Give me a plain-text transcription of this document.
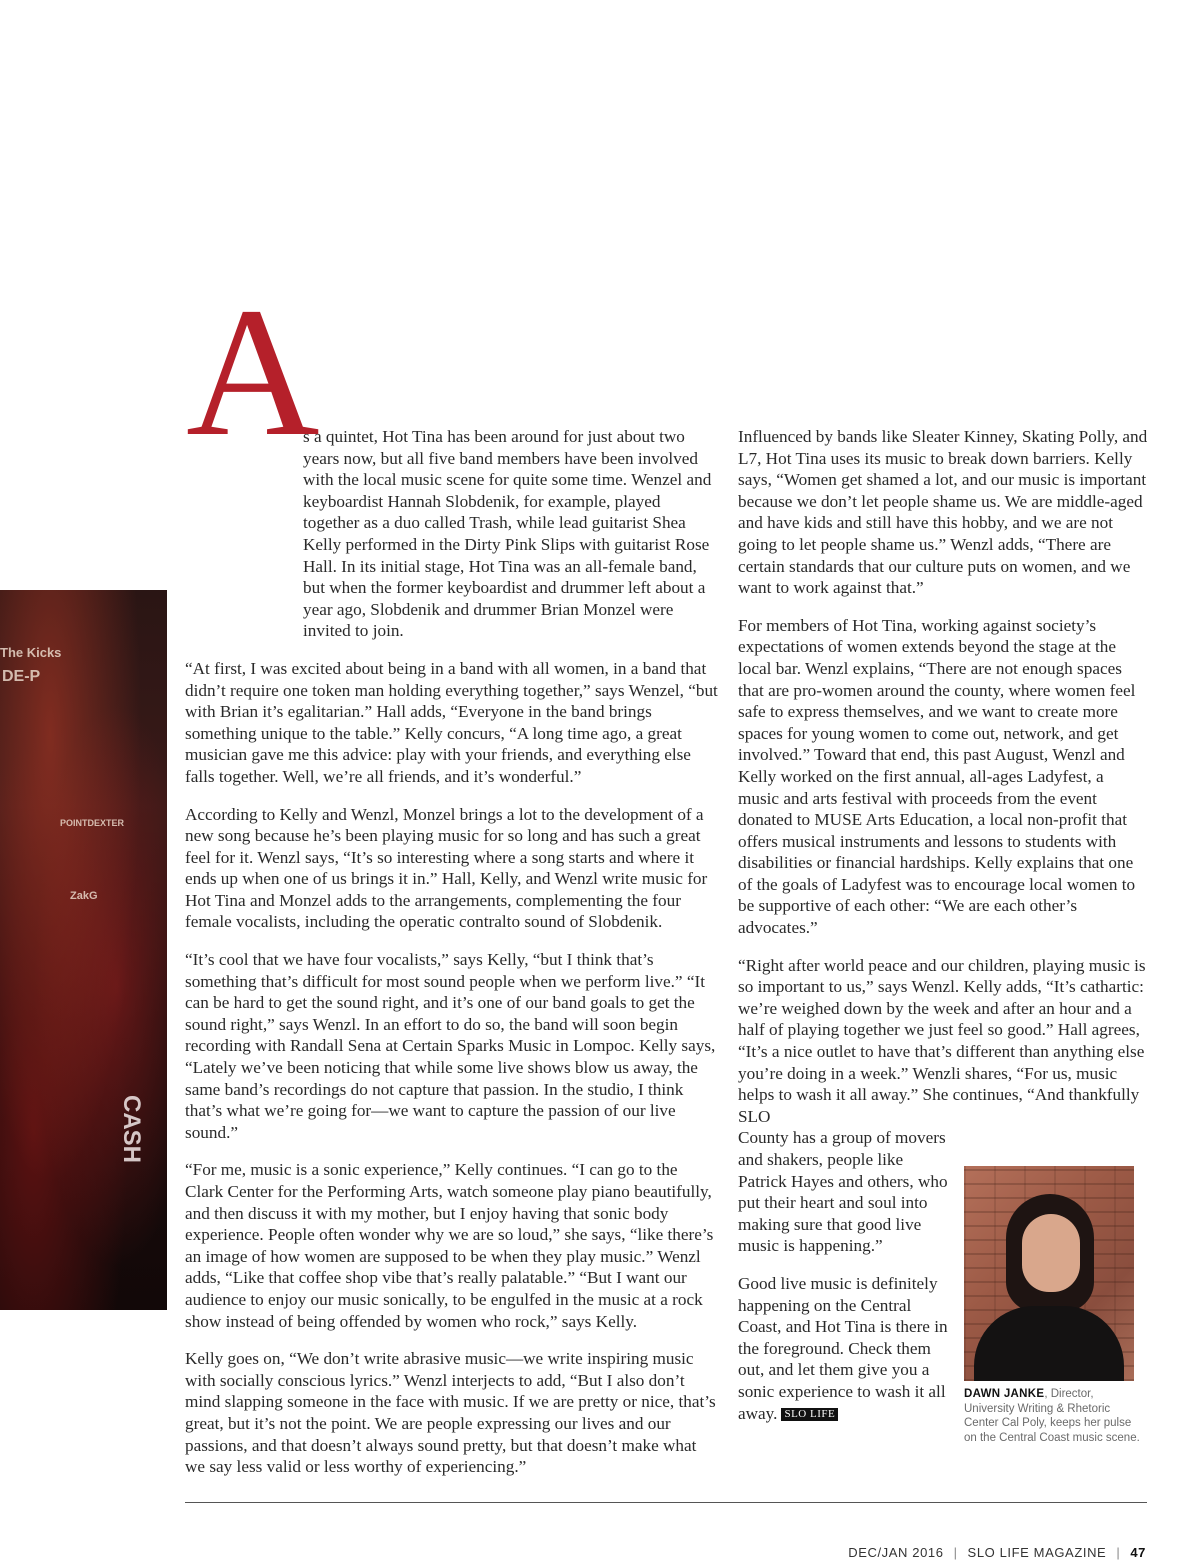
The Kicks
DE-P
POINTDEXTER
ZakG
CASH
A

s a quintet, Hot Tina has been around for just about two years now, but all five band members have been involved with the local music scene for quite some time. Wenzel and keyboardist Hannah Slobdenik, for example, played together as a duo called Trash, while lead guitarist Shea Kelly performed in the Dirty Pink Slips with guitarist Rose Hall. In its initial stage, Hot Tina was an all-female band, but when the former keyboardist and drummer left about a year ago, Slobdenik and drummer Brian Monzel were invited to join.

“At first, I was excited about being in a band with all women, in a band that didn’t require one token man holding everything together,” says Wenzel, “but with Brian it’s egalitarian.” Hall adds, “Everyone in the band brings something unique to the table.” Kelly concurs, “A long time ago, a great musician gave me this advice: play with your friends, and everything else falls together. Well, we’re all friends, and it’s wonderful.”

According to Kelly and Wenzl, Monzel brings a lot to the development of a new song because he’s been playing music for so long and has such a great feel for it. Wenzl says, “It’s so interesting where a song starts and where it ends up when one of us brings it in.” Hall, Kelly, and Wenzl write music for Hot Tina and Monzel adds to the arrangements, complementing the four female vocalists, including the operatic contralto sound of Slobdenik.

“It’s cool that we have four vocalists,” says Kelly, “but I think that’s something that’s difficult for most sound people when we perform live.” “It can be hard to get the sound right, and it’s one of our band goals to get the sound right,” says Wenzl. In an effort to do so, the band will soon begin recording with Randall Sena at Certain Sparks Music in Lompoc. Kelly says, “Lately we’ve been noticing that while some live shows blow us away, the same band’s recordings do not capture that passion. In the studio, I think that’s what we’re going for—we want to capture the passion of our live sound.”

“For me, music is a sonic experience,” Kelly continues. “I can go to the Clark Center for the Performing Arts, watch someone play piano beautifully, and then discuss it with my mother, but I enjoy having that sonic body experience. People often wonder why we are so loud,” she says, “like there’s an image of how women are supposed to be when they play music.” Wenzl adds, “Like that coffee shop vibe that’s really palatable.” “But I want our audience to enjoy our music sonically, to be engulfed in the music at a rock show instead of being offended by women who rock,” says Kelly.

Kelly goes on, “We don’t write abrasive music—we write inspiring music with socially conscious lyrics.” Wenzl interjects to add, “But I also don’t mind slapping someone in the face with music. If we are pretty or nice, that’s great, but it’s not the point. We are people expressing our lives and our passions, and that doesn’t always sound pretty, but that doesn’t make what we say less valid or less worthy of experiencing.”

Influenced by bands like Sleater Kinney, Skating Polly, and L7, Hot Tina uses its music to break down barriers. Kelly says, “Women get shamed a lot, and our music is important because we don’t let people shame us. We are middle-aged and have kids and still have this hobby, and we are not going to let people shame us.” Wenzl adds, “There are certain standards that our culture puts on women, and we want to work against that.”

For members of Hot Tina, working against society’s expectations of women extends beyond the stage at the local bar. Wenzl explains, “There are not enough spaces that are pro-women around the county, where women feel safe to express themselves, and we want to create more spaces for young women to come out, network, and get involved.” Toward that end, this past August, Wenzl and Kelly worked on the first annual, all-ages Ladyfest, a music and arts festival with proceeds from the event donated to MUSE Arts Education, a local non-profit that offers musical instruments and lessons to students with disabilities or financial hardships. Kelly explains that one of the goals of Ladyfest was to encourage local women to be supportive of each other: “We are each other’s advocates.”

“Right after world peace and our children, playing music is so important to us,” says Wenzl. Kelly adds, “It’s cathartic: we’re weighed down by the week and after an hour and a half of playing together we just feel so good.” Hall agrees, “It’s a nice outlet to have that’s different than anything else you’re doing in a week.” Wenzli shares, “For us, music helps to wash it all away.” She continues, “And thankfully SLO

County has a group of movers and shakers, people like Patrick Hayes and others, who put their heart and soul into making sure that good live music is happening.”

Good live music is definitely happening on the Central Coast, and Hot Tina is there in the foreground. Check them out, and let them give you a sonic experience to wash it all away. SLO LIFE

DAWN JANKE, Director, University Writing & Rhetoric Center Cal Poly, keeps her pulse on the Central Coast music scene.
DEC/JAN 2016 | SLO LIFE MAGAZINE | 47
